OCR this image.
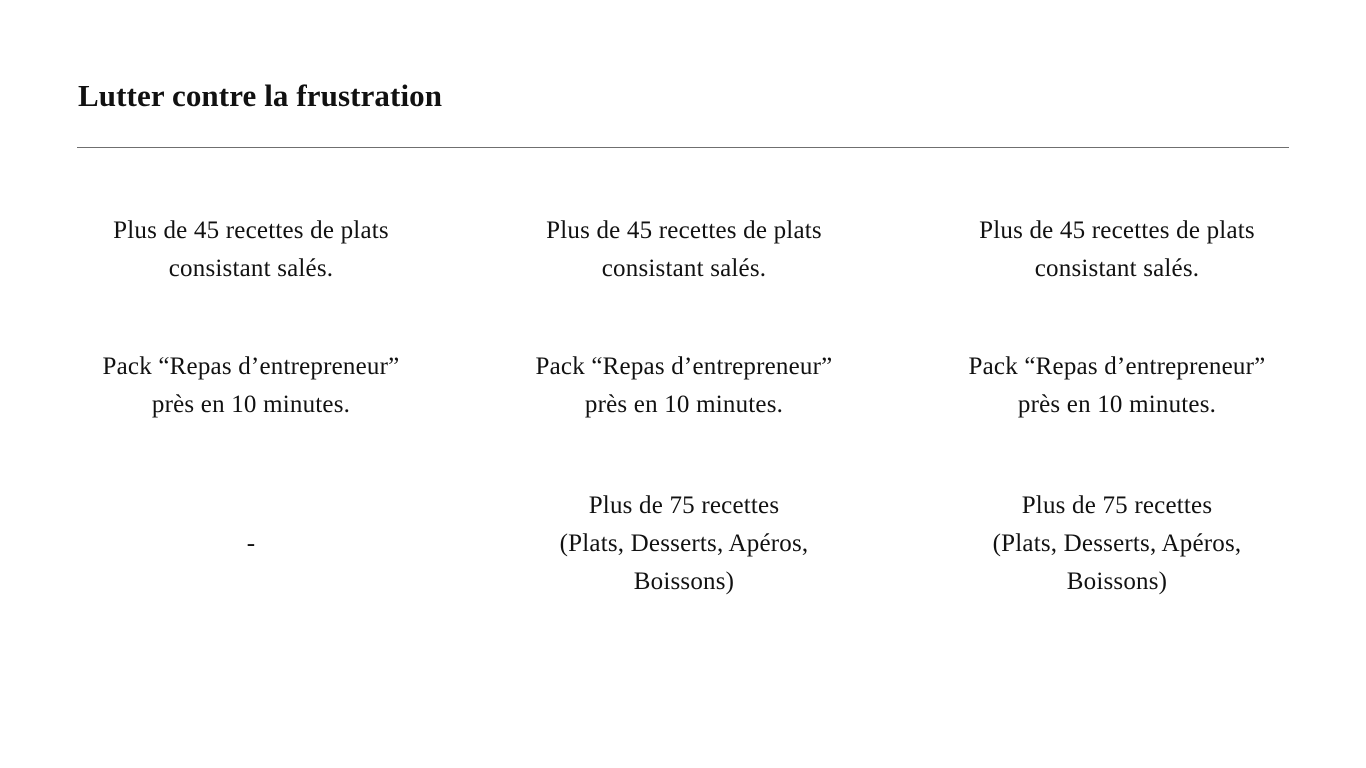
Lutter contre la frustration
Plus de 45 recettes de plats
consistant salés.
Pack “Repas d’entrepreneur”
près en 10 minutes.
-
Plus de 45 recettes de plats
consistant salés.
Pack “Repas d’entrepreneur”
près en 10 minutes.
Plus de 75 recettes
(Plats, Desserts, Apéros,
Boissons)
Plus de 45 recettes de plats
consistant salés.
Pack “Repas d’entrepreneur”
près en 10 minutes.
Plus de 75 recettes
(Plats, Desserts, Apéros,
Boissons)
